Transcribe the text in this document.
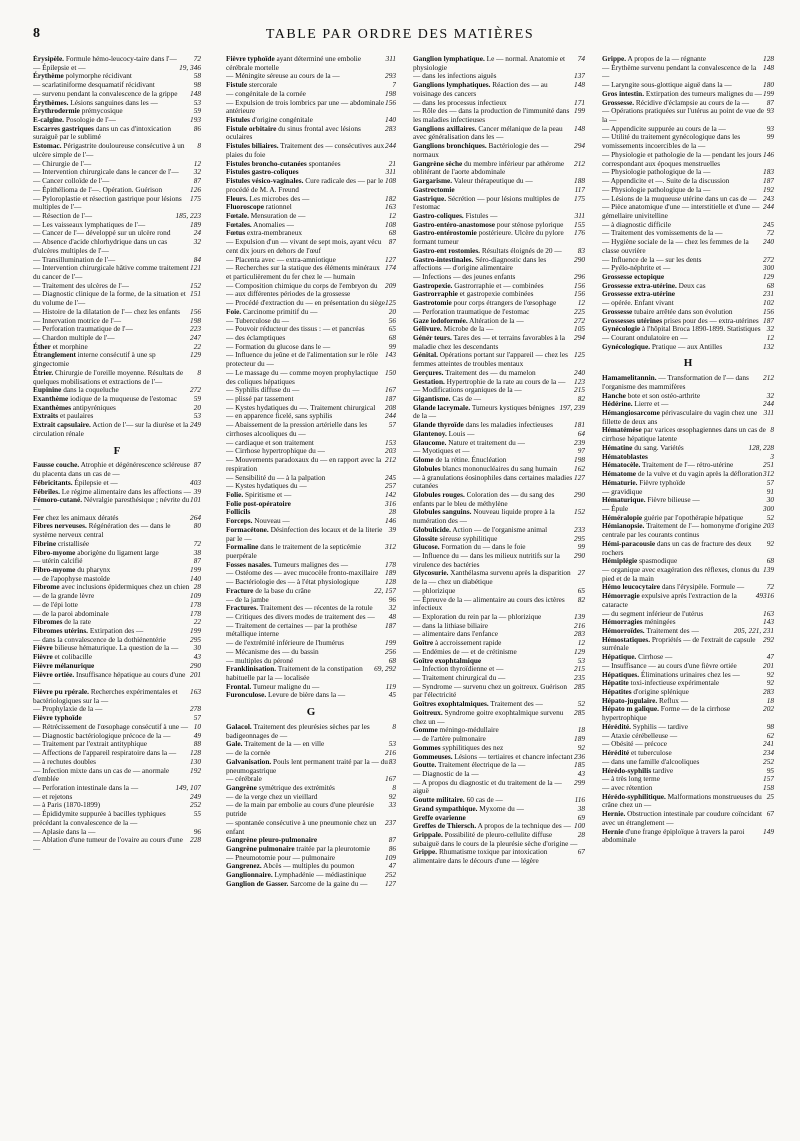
8	TABLE PAR ORDRE DES MATIÈRES
72
Érysipèle. Formule hémo-leucocy-taire dans l'—
19, 346
— Épilepsie et —
58
Érythème polymorphe récidivant
98
— scarlatiniforme desquamatif récidivant
148
— survenu pendant la convalescence de la grippe
53
Érythèmes. Lésions sanguines dans les —
59
Érythrodermie prémycosique
193
E-calgine. Posologie de l'—
86
Escarres gastriques dans un cas d'intoxication suraiguë par le sublimé
8
Estomac. Périgastrite douloureuse consécutive à un ulcère simple de l'—
12
— Chirurgie de l'—
32
— Intervention chirurgicale dans le cancer de l'—
87
— Cancer colloïde de l'—
126
— Épithélioma de l'—. Opération. Guérison
175
— Pyloroplastie et résection gastrique pour lésions multiples de l'—
185, 223
— Résection de l'—
189
— Les vaisseaux lymphatiques de l'—
24
— Cancer de l'— développé sur un ulcère rond
32
— Absence d'acide chlorhydrique dans un cas d'ulcères multiples de l'—
84
— Transillumination de l'—
121
— Intervention chirurgicale hâtive comme traitement du cancer de l'—
152
— Traitement des ulcères de l'—
151
— Diagnostic clinique de la forme, de la situation et du volume de l'—
156
— Histoire de la dilatation de l'— chez les enfants
198
— Innervation motrice de l'—
223
— Perforation traumatique de l'—
247
— Chardon multiple de l'—
22
Éther et morphine
129
Étranglement interne consécutif à une sp gingectomie
8
Étrier. Chirurgie de l'oreille moyenne. Résultats de quelques mobilisations et extractions de l'—
272
Eupinine dans la coqueluche
59
Exanthème iodique de la muqueuse de l'estomac
20
Exanthèmes antipyréniques
53
Extraits et paulaires
249
Extrait capsulaire. Action de l'— sur la diurèse et la circulation rénale
F
87
Fausse couche. Atrophie et dégénérescence scléreuse du placenta dans un cas de —
403
Fébricitants. Épilepsie et —
39
Fébriles. Le régime alimentaire dans les affections —
101
Fémoro-cutané. Névralgie paresthésique ; névrite du —
264
Fer chez les animaux dératés
80
Fibres nerveuses. Régénération des — dans le système nerveux central
72
Fibrine cristallisée
38
Fibro-myome aborigène du ligament large
87
— utérin calcifié
199
Fibro-myome du pharynx
140
— de l'apophyse mastoïde
28
Fibrome avec inclusions épidermiques chez un chien
109
— de la grande lèvre
178
— de l'épi lotte
178
— de la paroi abdominale
22
Fibromes de la rate
199
Fibromes utérins. Extirpation des —
295
— dans la convalescence de la dothiénentérie
30
Fièvre bilieuse hématurique. La question de la —
43
Fièvre et colibacille
290
Fièvre mélanurique
201
Fièvre ortiée. Insuffisance hépatique au cours d'une —
163
Fièvre pu rpérale. Recherches expérimentales et bactériologiques sur la —
278
— Prophylaxie de la —
57
Fièvre typhoïde
10
— Rétrécissement de l'œsophage consécutif à une —
49
— Diagnostic bactériologique précoce de la —
88
— Traitement par l'extrait antityphique
128
— Affections de l'appareil respiratoire dans la —
130
— à rechutes doubles
192
— Infection mixte dans un cas de — anormale d'emblée
149, 107
— Perforation intestinale dans la —
249
— et rejetons
252
— à Paris (1870-1899)
55
— Épididymite suppurée à bacilles typhiques précédant la convalescence de la —
96
— Aplasie dans la —
228
— Ablation d'une tumeur de l'ovaire au cours d'une —
311
Fièvre typhoïde ayant déterminé une embolie cérébrale mortelle
293
— Méningite séreuse au cours de la —
7
Fistule stercorale
198
— congénitale de la cornée
156
— Expulsion de trois lombrics par une — abdominale antérieure
140
Fistules d'origine congénitale
283
Fistule orbitaire du sinus frontal avec lésions oculaires
244
Fistules biliaires. Traitement des — consécutives aux plaies du foie
21
Fistules broncho-cutanées spontanées
311
Fistules gastro-coliques
108
Fistules vésico-vaginales. Cure radicale des — par le procédé de M. A. Freund
182
Fleurs. Les microbes des —
163
Fluoroscope rationnel
12
Fœtale. Mensuration de —
108
Fœtales. Anomalies —
68
Fœtus extra-membraneux
87
— Expulsion d'un — vivant de sept mois, ayant vécu cent dix jours en dehors de l'œuf
127
— Placenta avec — extra-amniotique
174
— Recherches sur la statique des éléments minéraux et particulièrement du fer chez le — humain
209
— Composition chimique du corps de l'embryon du — aux différentes périodes de la grossesse
125
— Procédé d'extraction du — en présentation du siège
20
Foie. Carcinome primitif du —
56
— Tuberculose du —
65
— Pouvoir réducteur des tissus : — et pancréas
68
— des éclamptiques
99
— Formation du glucose dans le —
143
— Influence du jeûne et de l'alimentation sur le rôle protecteur du —
150
— Le massage du — comme moyen prophylactique des coliques hépatiques
167
— Syphilis diffuse du —
187
— plissé par tassement
208
— Kystes hydatiques du —. Traitement chirurgical
244
— en apparence ficelé, sans syphilis
57
— Abaissement de la pression artérielle dans les cirrhoses alcooliques du —
153
— cardiaque et son traitement
203
— Cirrhose hypertrophique du —
212
— Mouvements paradoxaux du — en rapport avec la respiration
245
— Sensibilité du — à la palpation
257
— Kystes hydatiques du —
142
Folie. Spiritisme et —
316
Folie post-opératoire
28
Follicils
146
Forceps. Nouveau —
39
Formacétone. Désinfection des locaux et de la literie par le —
312
Formaline dans le traitement de la septicémie puerpérale
178
Fosses nasales. Tumeurs malignes des —
189
— Ostéome des — avec mucocèle fronto-maxillaire
128
— Bactériologie des — à l'état physiologique
22, 157
Fracture de la base du crâne
96
— de la jambe
32
Fractures. Traitement des — récentes de la rotule
48
— Critiques des divers modes de traitement des —
187
— Traitement de certaines — par la prothèse métallique interne
199
— de l'extrémité inférieure de l'humérus
256
— Mécanisme des — du bassin
68
— multiples du péroné
69, 292
Franklinisation. Traitement de la constipation habituelle par la — localisée
119
Frontal. Tumeur maligne du —
45
Furonculose. Levure de bière dans la —
G
8
Galacol. Traitement des pleurésies sèches par les badigeonnages de —
53
Gale. Traitement de la — en ville
216
— de la cornée
83
Galvanisation. Pouls lent permanent traité par la — du pneumogastrique
167
— cérébrale
8
Gangrène symétrique des extrémités
92
— de la verge chez un vieillard
33
— de la main par embolie au cours d'une pleurésie putride
237
— spontanée consécutive à une pneumonie chez un enfant
87
Gangrène pleuro-pulmonaire
86
Gangrène pulmonaire traitée par la pleurotomie
109
— Pneumotomie pour — pulmonaire
47
Gangrenez. Abcès — multiples du poumon
252
Ganglionnaire. Lymphadénie — médiastinique
127
Ganglion de Gasser. Sarcome de la gaine du —
74
Ganglion lymphatique. Le — normal. Anatomie et physiologie
137
— dans les infections aiguës
148
Ganglions lymphatiques. Réaction des — au voisinage des cancers
171
— dans les processus infectieux
199
— Rôle des — dans la production de l'immunité dans les maladies infectieuses
148
Ganglions axillaires. Cancer mélanique de la peau avec généralisation dans les —
294
Ganglions bronchiques. Bactériologie des — normaux
212
Gangrène sèche du membre inférieur par athérome oblitérant de l'aorte abdominale
188
Gargarisme. Valeur thérapeutique du —
117
Gastrectomie
175
Gastrique. Sécrétion — pour lésions multiples de l'estomac
311
Gastro-coliques. Fistules —
155
Gastro-entéro-anastomose pour sténose pylorique
176
Gastro-entérostomie postérieure. Ulcère du pylore formant tumeur
83
Gastro-ent rostomies. Résultats éloignés de 20 —
290
Gastro-intestinales. Séro-diagnostic dans les affections — d'origine alimentaire
296
— Infections — des jeunes enfants
156
Gastropexie. Gastrorraphie et — combinées
156
Gastrorraphie et gastropexie combinées
12
Gastrotomie pour corps étrangers de l'œsophage
225
— Perforation traumatique de l'estomac
272
Gaze iodoformée. Altération de la —
105
Gélivure. Microbe de la —
294
Génér teurs. Tares des — et terrains favorables à la maladie chez les descendants
125
Génital. Opérations portant sur l'appareil — chez les femmes atteintes de troubles mentaux
240
Gerçures. Traitement des — du mamelon
123
Gestation. Hypertrophie de la rate au cours de la —
215
— Modifications organiques de la —
82
Gigantisme. Cas de —
197, 239
Glande lacrymale. Tumeurs kystiques bénignes de la —
181
Glande thyroïde dans les maladies infectieuses
64
Glantenoy. Louis —
239
Glaucome. Nature et traitement du —
97
— Myotiques et —
198
Glome de la rétine. Énucléation
162
Globules blancs mononucléaires du sang humain
127
— à granulations éosinophiles dans certaines maladies cutanées
290
Globules rouges. Coloration des — du sang des enfants par le bleu de méthylène
152
Globules sanguins. Nouveau liquide propre à la numération des —
233
Globulicide. Action — de l'organisme animal
295
Glossite sèreuse syphilitique
99
Glucose. Formation du — dans le foie
290
— Influence du — dans les milieux nutritifs sur la virulence des bactéries
27
Glycosurie. Xanthélasma survenu après la disparition de la — chez un diabétique
65
— phlorizique
82
— Épreuve de la — alimentaire au cours des ictères infectieux
139
— Exploration du rein par la — phlorizique
216
— dans la lithiase biliaire
283
— alimentaire dans l'enfance
12
Goître à accroissement rapide
129
— Endémies de — et de crétinisme
53
Goître exophtalmique
215
— Infection thyroïdienne et —
235
— Traitement chirurgical du —
285
— Syndrome — survenu chez un goitreux. Guérison par l'électricité
52
Goîtres exophtalmiques. Traitement des —
285
Goitreux. Syndrome goitre exophtalmique survenu chez un —
18
Gomme méningo-médullaire
189
— de l'artère pulmonaire
92
Gommes syphilitiques des nez
236
Gommeuses. Lésions — tertiaires et chancre infectant
185
Goutte. Traitement électrique de la —
43
— Diagnostic de la —
299
— A propos du diagnostic et du traitement de la — aiguë
116
Goutte militaire. 60 cas de —
38
Grand sympathique. Myxome du —
69
Greffe ovarienne
100
Greffes de Thiersch. A propos de la technique des —
28
Grippale. Possibilité de pleuro-cellulite diffuse subaiguë dans le cours de la pleurésie sèche d'origine —
67
Grippe. Rhumatisme toxique par intoxication alimentaire dans le décours d'une — légère
128
Grippe. A propos de la — régnante
148
— Érythème survenu pendant la convalescence de la —
180
— Laryngite sous-glottique aiguë dans la —
199
Gros intestin. Extirpation des tumeurs malignes du —
87
Grossesse. Récidive d'éclampsie au cours de la —
93
— Opérations pratiquées sur l'utérus au point de vue de la —
93
— Appendicite suppurée au cours de la —
99
— Utilité du traitement gynécologique dans les vomissements incoercibles de la —
146
— Physiologie et pathologie de la — pendant les jours correspondant aux époques menstruelles
183
— Physiologie pathologique de la —
187
— Appendicite et —. Suite de la discussion
192
— Physiologie pathologique de la —
243
— Lésions de la muqueuse utérine dans un cas de —
244
— Pièce anatomique d'une — interstitielle et d'une — gémellaire univitelline
245
— à diagnostic difficile
72
— Traitement des vomissements de la —
240
— Hygiène sociale de la — chez les femmes de la classe ouvrière
272
— Influence de la — sur les dents
300
— Pyélo-néphrite et —
129
Grossesse ectopique
68
Grossesse extra-utérine. Deux cas
231
Grossesse extra-utérine
102
— opérée. Enfant vivant
156
Grossesse tubaire arrêtée dans son évolution
187
Grossesses utérines prises pour des — extra-utérines
32
Gynécologie à l'hôpital Broca 1890-1899. Statistiques
12
— Courant ondulatoire en —
132
Gynécologique. Pratique — aux Antilles
H
212
Hamamelitannin. — Transformation de l'— dans l'organisme des mammifères
32
Hanche bote et son ostéo-arthrite
244
Hédérine. Lierre et —
311
Hémangiosarcome périvasculaire du vagin chez une fillette de deux ans
8
Hématémèse par varices œsophagiennes dans un cas de cirrhose hépatique latente
128, 228
Hématine du sang. Variétés
3
Hématoblastes
251
Hématocèle. Traitement de l'— rétro-utérine
312
Hématome de la vulve et du vagin après la défloration
57
Hématurie. Fièvre typhoïde
91
— gravidique
30
Hématurique. Fièvre bilieuse —
300
— Épule
52
Héméralopie guérie par l'opothérapie hépatique
203
Hémianopsie. Traitement de l'— homonyme d'origine centrale par les courants continus
92
Hémi-paracousie dans un cas de fracture des deux rochers
68
Hémiplégie spasmodique
139
— organique avec exagération des réflexes, clonus du pied et de la main
72
Hémo leucocytaire dans l'érysipèle. Formule —
316
49
Hémorragie expulsive après l'extraction de la cataracte
163
— du segment inférieur de l'utérus
143
Hémorragies méningées
205, 221, 231
Hémorroïdes. Traitement des —
292
Hémostatiques. Propriétés — de l'extrait de capsule surrénale
47
Hépatique. Cirrhose —
201
— Insuffisance — au cours d'une fièvre ortiée
92
Hépatiques. Éliminations urinaires chez les —
92
Hépatite toxi-infectieuse expérimentale
283
Hépatites d'origine splénique
18
Hépato-jugulaire. Reflux —
202
Hépato m galique. Forme — de la cirrhose hypertrophique
98
Hérédité. Syphilis — tardive
62
— Ataxie cérébelleuse —
241
— Obésité — précoce
234
Hérédité et tuberculose
252
— dans une famille d'alcooliques
95
Hérédo-syphilis tardive
157
— à très long terme
158
— avec rétention
25
Hérédo-syphilitique. Malformations monstrueuses du crâne chez un —
67
Hernie. Obstruction intestinale par coudure coïncidant avec un étranglement —
149
Hernie d'une frange épiploïque à travers la paroi abdominale
